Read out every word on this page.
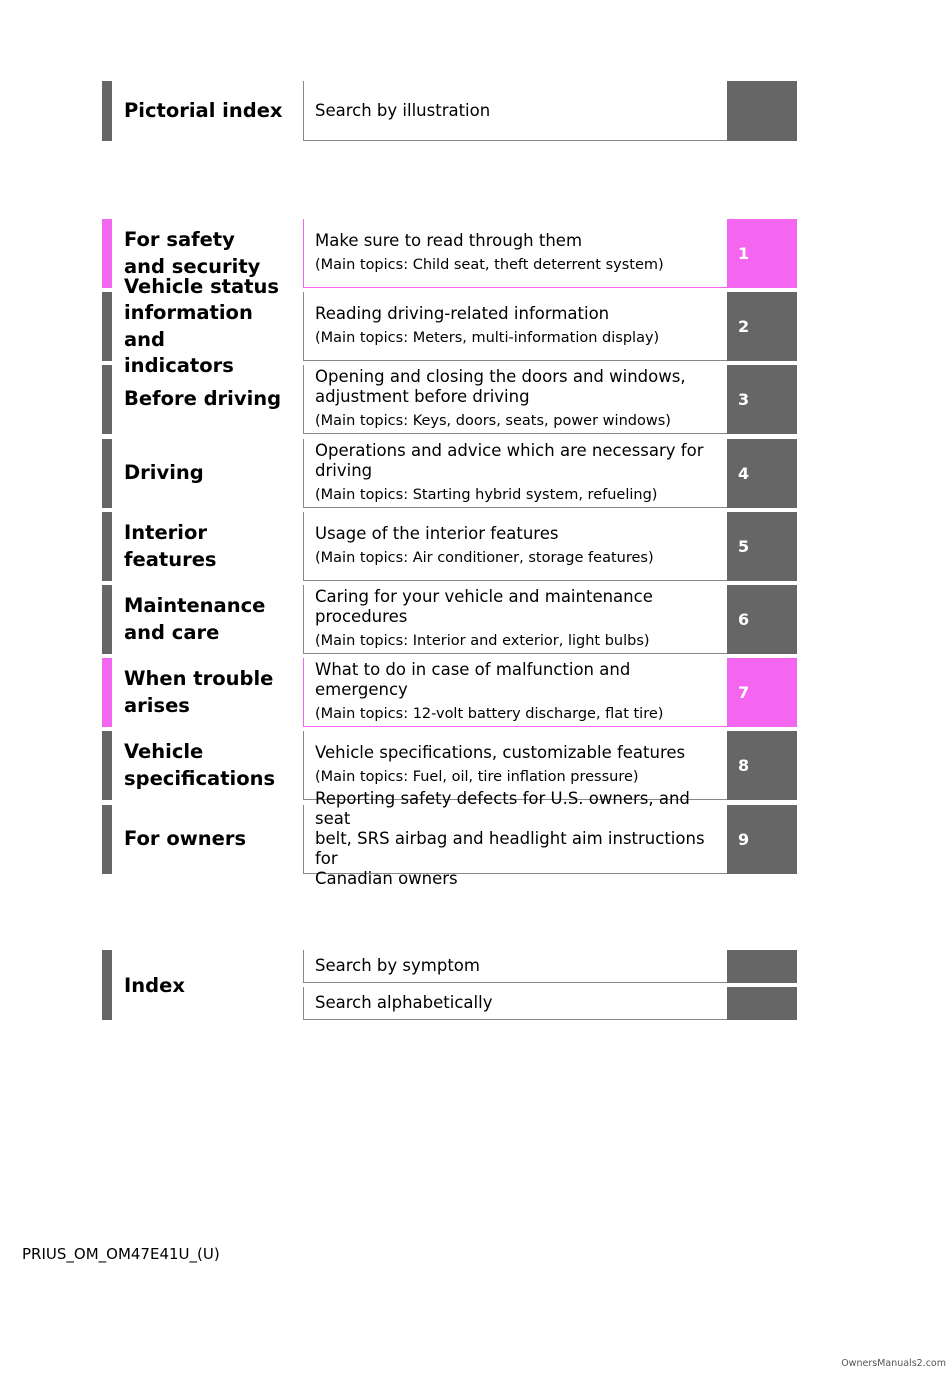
Pictorial index	Search by illustration
For safety
and security
Make sure to read through them
(Main topics: Child seat, theft deterrent system)
1
Vehicle status
information and
indicators
Reading driving-related information
(Main topics: Meters, multi-information display)
2
Before driving
Opening and closing the doors and windows,
adjustment before driving
(Main topics: Keys, doors, seats, power windows)
3
Driving
Operations and advice which are necessary for
driving
(Main topics: Starting hybrid system, refueling)
4
Interior features
Usage of the interior features
(Main topics: Air conditioner, storage features)
5
Maintenance
and care
Caring for your vehicle and maintenance
procedures
(Main topics: Interior and exterior, light bulbs)
6
When trouble
arises
What to do in case of malfunction and emergency
(Main topics: 12-volt battery discharge, flat tire)
7
Vehicle
specifications
Vehicle specifications, customizable features
(Main topics: Fuel, oil, tire inflation pressure)
8
For owners
Reporting safety defects for U.S. owners, and seat
belt, SRS airbag and headlight aim instructions for
Canadian owners
9
Index
Search by symptom
Search alphabetically
PRIUS_OM_OM47E41U_(U)
OwnersManuals2.com
